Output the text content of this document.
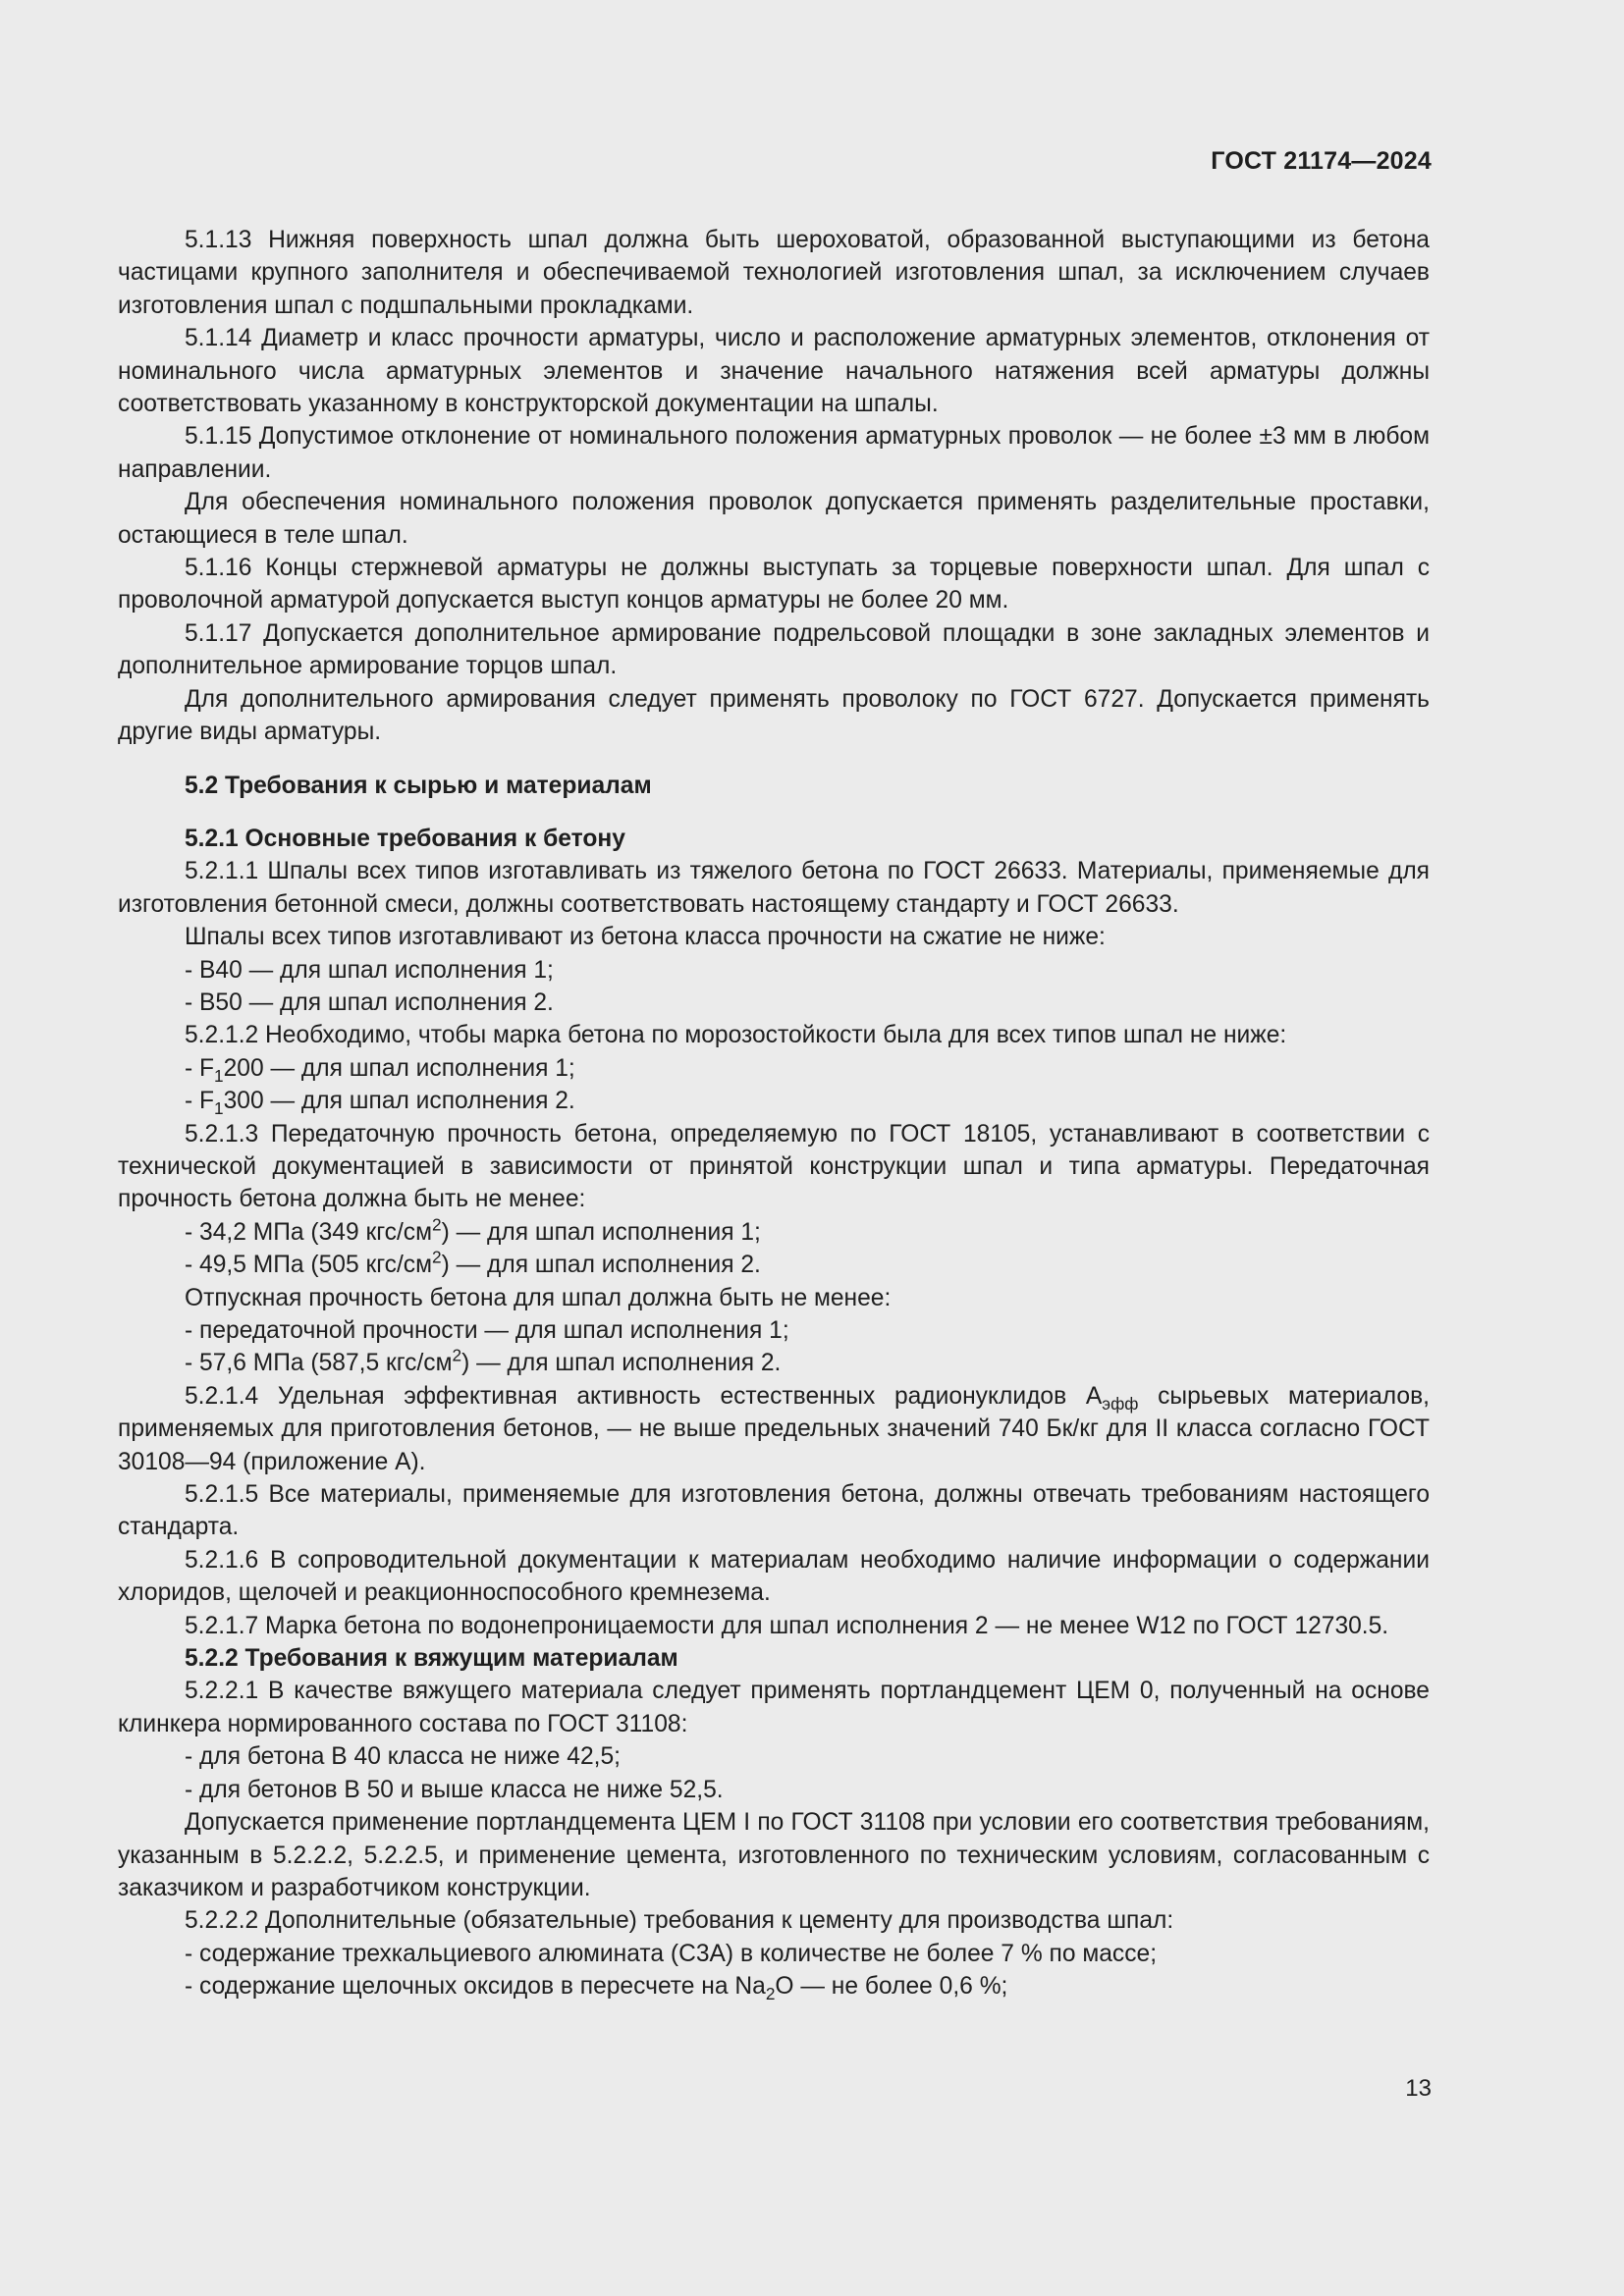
ГОСТ 21174—2024

5.1.13 Нижняя поверхность шпал должна быть шероховатой, образованной выступающими из бетона частицами крупного заполнителя и обеспечиваемой технологией изготовления шпал, за исключением случаев изготовления шпал с подшпальными прокладками.

5.1.14 Диаметр и класс прочности арматуры, число и расположение арматурных элементов, отклонения от номинального числа арматурных элементов и значение начального натяжения всей арматуры должны соответствовать указанному в конструкторской документации на шпалы.

5.1.15 Допустимое отклонение от номинального положения арматурных проволок — не более ±3 мм в любом направлении.

Для обеспечения номинального положения проволок допускается применять разделительные проставки, остающиеся в теле шпал.

5.1.16 Концы стержневой арматуры не должны выступать за торцевые поверхности шпал. Для шпал с проволочной арматурой допускается выступ концов арматуры не более 20 мм.

5.1.17 Допускается дополнительное армирование подрельсовой площадки в зоне закладных элементов и дополнительное армирование торцов шпал.

Для дополнительного армирования следует применять проволоку по ГОСТ 6727. Допускается применять другие виды арматуры.

5.2 Требования к сырью и материалам

5.2.1 Основные требования к бетону

5.2.1.1 Шпалы всех типов изготавливать из тяжелого бетона по ГОСТ 26633. Материалы, применяемые для изготовления бетонной смеси, должны соответствовать настоящему стандарту и ГОСТ 26633.

Шпалы всех типов изготавливают из бетона класса прочности на сжатие не ниже:

- В40 — для шпал исполнения 1;

- В50 — для шпал исполнения 2.

5.2.1.2 Необходимо, чтобы марка бетона по морозостойкости была для всех типов шпал не ниже:

- $F_1200$ — для шпал исполнения 1;

- $F_1300$ — для шпал исполнения 2.

5.2.1.3 Передаточную прочность бетона, определяемую по ГОСТ 18105, устанавливают в соответствии с технической документацией в зависимости от принятой конструкции шпал и типа арматуры. Передаточная прочность бетона должна быть не менее:

- 34,2 МПа (349 кгс/$см^2$) — для шпал исполнения 1;

- 49,5 МПа (505 кгс/$см^2$) — для шпал исполнения 2.

Отпускная прочность бетона для шпал должна быть не менее:

- передаточной прочности — для шпал исполнения 1;

- 57,6 МПа (587,5 кгс/$см^2$) — для шпал исполнения 2.

5.2.1.4 Удельная эффективная активность естественных радионуклидов $А_{эфф}$ сырьевых материалов, применяемых для приготовления бетонов, — не выше предельных значений 740 Бк/кг для II класса согласно ГОСТ 30108—94 (приложение А).

5.2.1.5 Все материалы, применяемые для изготовления бетона, должны отвечать требованиям настоящего стандарта.

5.2.1.6 В сопроводительной документации к материалам необходимо наличие информации о содержании хлоридов, щелочей и реакционноспособного кремнезема.

5.2.1.7 Марка бетона по водонепроницаемости для шпал исполнения 2 — не менее W12 по ГОСТ 12730.5.

5.2.2 Требования к вяжущим материалам

5.2.2.1 В качестве вяжущего материала следует применять портландцемент ЦЕМ 0, полученный на основе клинкера нормированного состава по ГОСТ 31108:

- для бетона В 40 класса не ниже 42,5;

- для бетонов В 50 и выше класса не ниже 52,5.

Допускается применение портландцемента ЦЕМ I по ГОСТ 31108 при условии его соответствия требованиям, указанным в 5.2.2.2, 5.2.2.5, и применение цемента, изготовленного по техническим условиям, согласованным с заказчиком и разработчиком конструкции.

5.2.2.2 Дополнительные (обязательные) требования к цементу для производства шпал:

- содержание трехкальциевого алюмината (С3А) в количестве не более 7 % по массе;

- содержание щелочных оксидов в пересчете на $Na_2О$ — не более 0,6 %;

13
